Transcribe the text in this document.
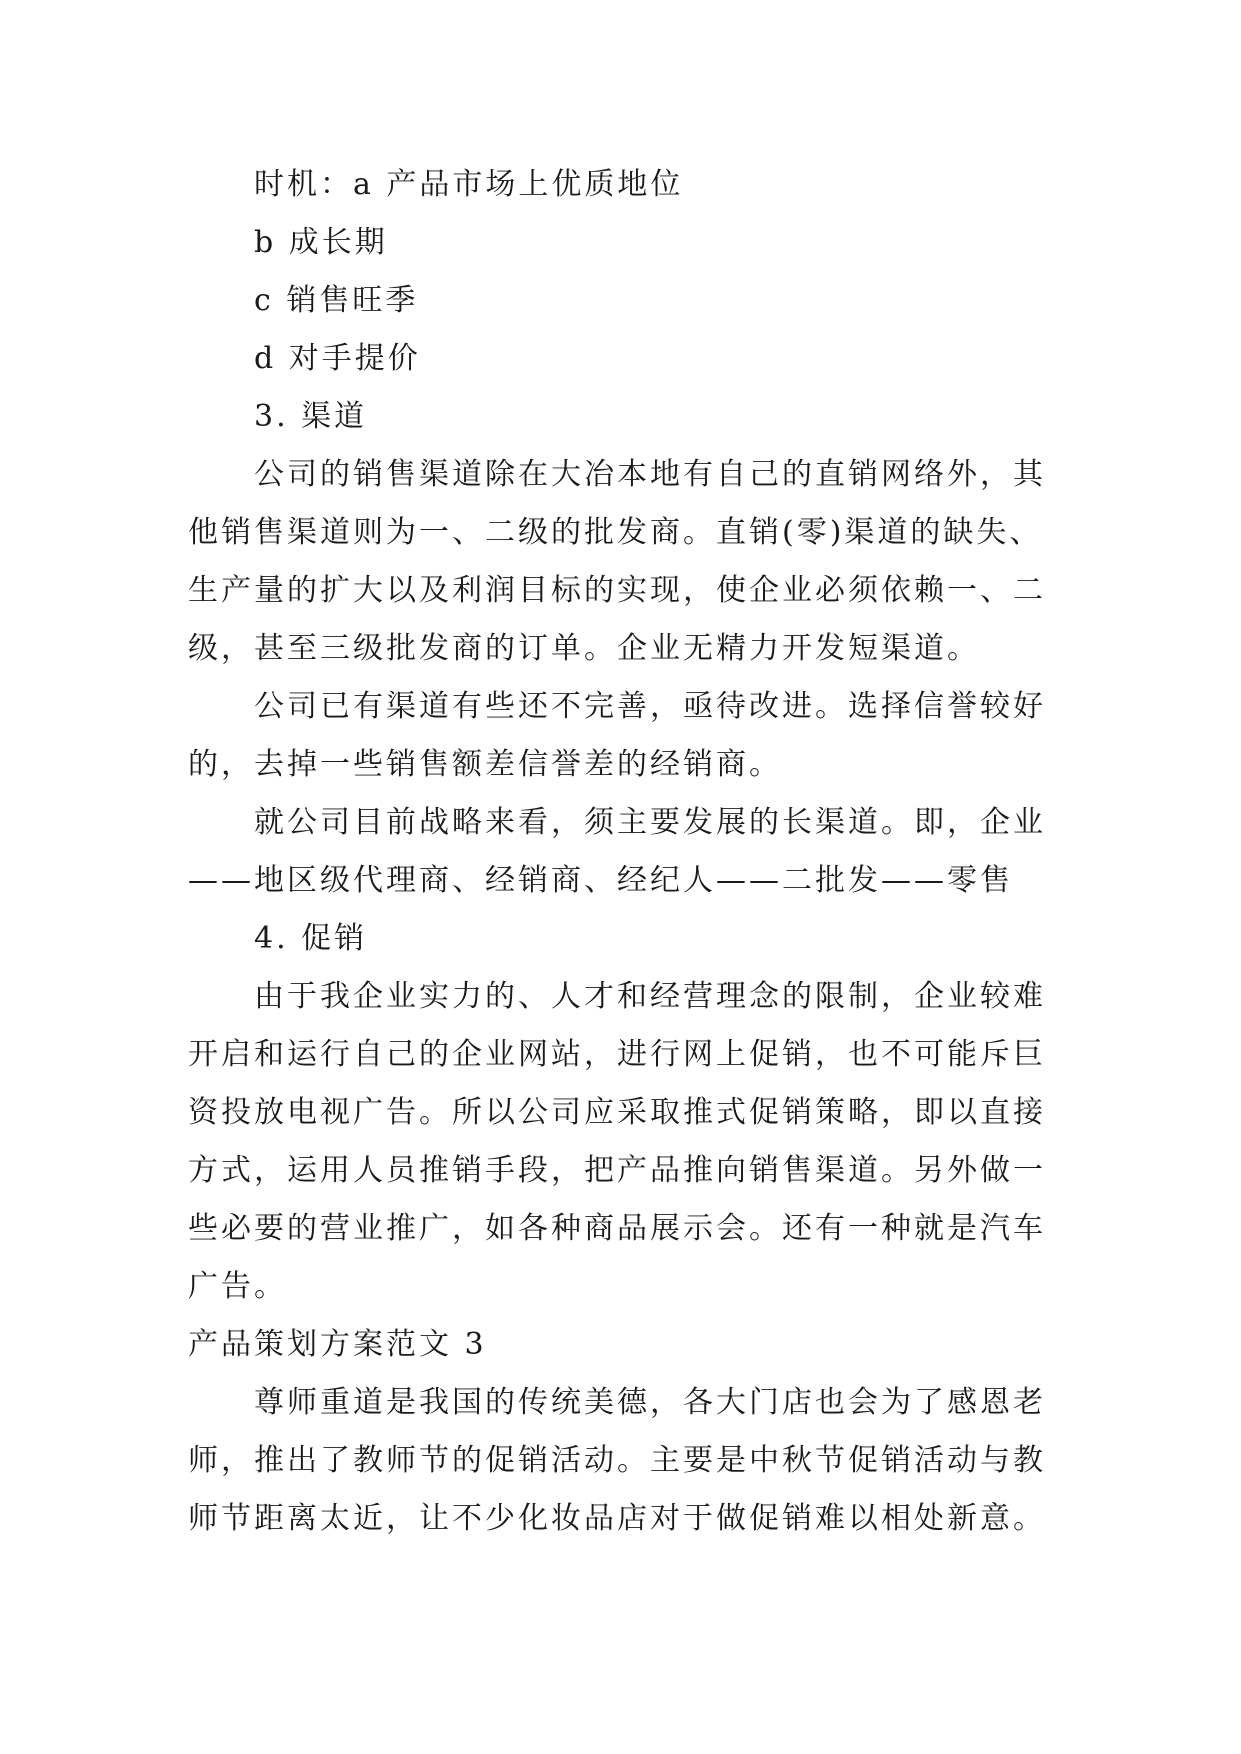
时机：a 产品市场上优质地位

b 成长期

c 销售旺季

d 对手提价

3. 渠道

公司的销售渠道除在大冶本地有自己的直销网络外，其

他销售渠道则为一、二级的批发商。直销(零)渠道的缺失、

生产量的扩大以及利润目标的实现，使企业必须依赖一、二

级，甚至三级批发商的订单。企业无精力开发短渠道。

公司已有渠道有些还不完善，亟待改进。选择信誉较好

的，去掉一些销售额差信誉差的经销商。

就公司目前战略来看，须主要发展的长渠道。即，企业

——地区级代理商、经销商、经纪人——二批发——零售

4. 促销

由于我企业实力的、人才和经营理念的限制，企业较难

开启和运行自己的企业网站，进行网上促销，也不可能斥巨

资投放电视广告。所以公司应采取推式促销策略，即以直接

方式，运用人员推销手段，把产品推向销售渠道。另外做一

些必要的营业推广，如各种商品展示会。还有一种就是汽车

广告。

产品策划方案范文 3

尊师重道是我国的传统美德，各大门店也会为了感恩老

师，推出了教师节的促销活动。主要是中秋节促销活动与教

师节距离太近，让不少化妆品店对于做促销难以相处新意。
